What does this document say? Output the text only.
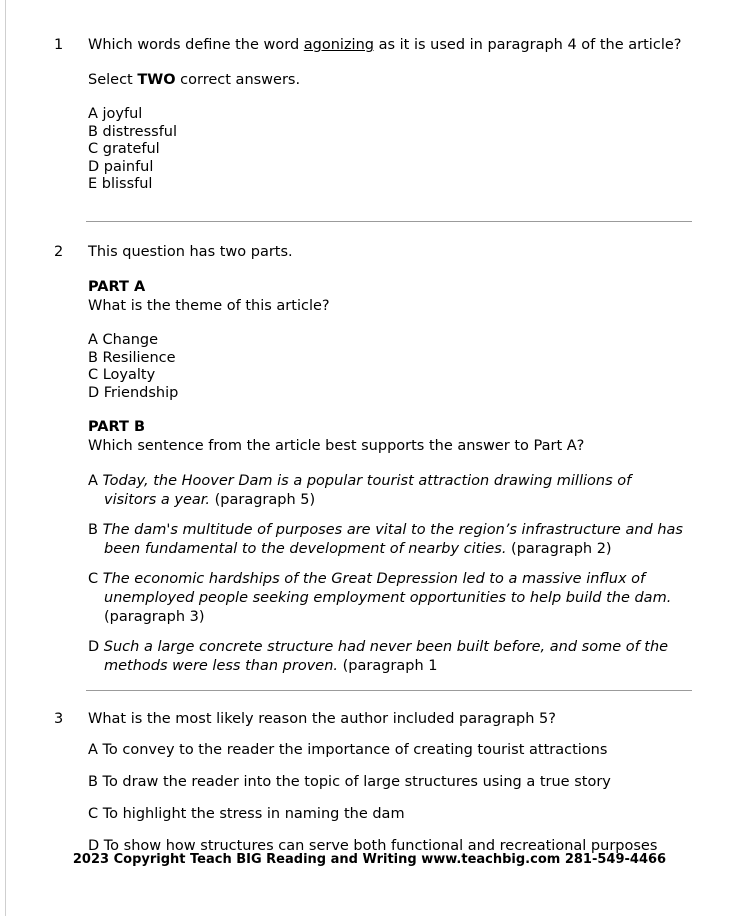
1	Which words define the word agonizing as it is used in paragraph 4 of the article?
Select TWO correct answers.
A joyful
B distressful
C grateful
D painful
E blissful
2	This question has two parts.
PART A
What is the theme of this article?
A Change
B Resilience
C Loyalty
D Friendship
PART B
Which sentence from the article best supports the answer to Part A?
A Today, the Hoover Dam is a popular tourist attraction drawing millions of visitors a year. (paragraph 5)
B The dam's multitude of purposes are vital to the region’s infrastructure and has been fundamental to the development of nearby cities. (paragraph 2)
C The economic hardships of the Great Depression led to a massive influx of unemployed people seeking employment opportunities to help build the dam. (paragraph 3)
D Such a large concrete structure had never been built before, and some of the methods were less than proven. (paragraph 1
3	What is the most likely reason the author included paragraph 5?
A To convey to the reader the importance of creating tourist attractions
B To draw the reader into the topic of large structures using a true story
C To highlight the stress in naming the dam
D To show how structures can serve both functional and recreational purposes
2023 Copyright Teach BIG Reading and Writing www.teachbig.com 281-549-4466
